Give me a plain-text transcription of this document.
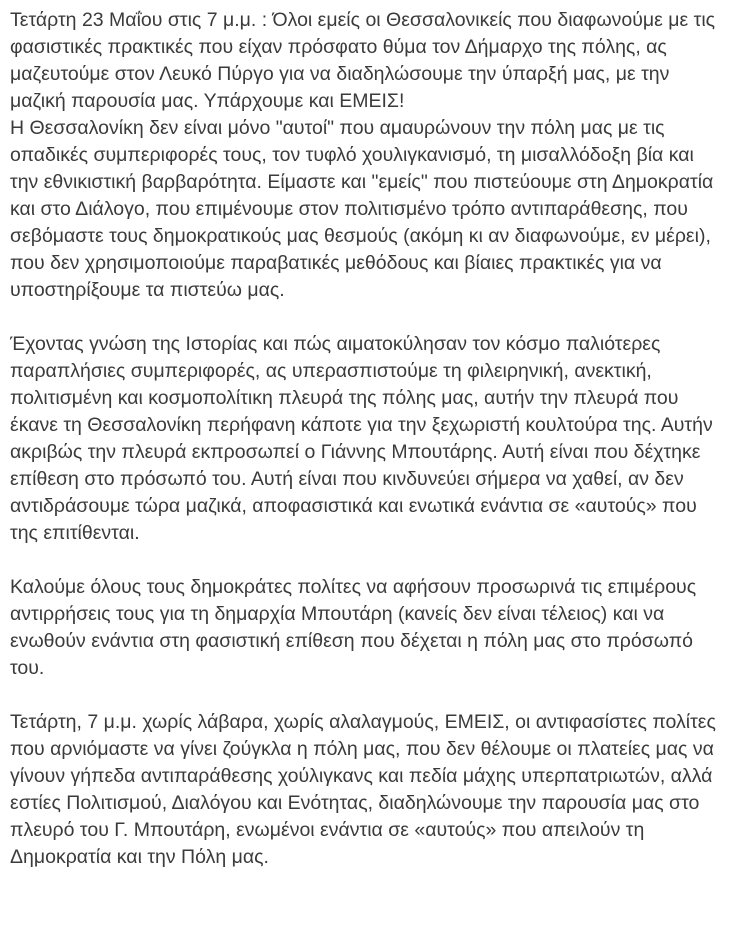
Τετάρτη 23 Μαΐου στις 7 μ.μ. : Όλοι εμείς οι Θεσσαλονικείς που διαφωνούμε με τις φασιστικές πρακτικές που είχαν πρόσφατο θύμα τον Δήμαρχο της πόλης, ας μαζευτούμε στον Λευκό Πύργο για να διαδηλώσουμε την ύπαρξή μας, με την μαζική παρουσία μας. Υπάρχουμε και ΕΜΕΙΣ!

Η Θεσσαλονίκη δεν είναι μόνο "αυτοί" που αμαυρώνουν την πόλη μας με τις οπαδικές συμπεριφορές τους, τον τυφλό χουλιγκανισμό, τη μισαλλόδοξη βία και την εθνικιστική βαρβαρότητα. Είμαστε και "εμείς" που πιστεύουμε στη Δημοκρατία και στο Διάλογο, που επιμένουμε στον πολιτισμένο τρόπο αντιπαράθεσης, που σεβόμαστε τους δημοκρατικούς μας θεσμούς (ακόμη κι αν διαφωνούμε, εν μέρει), που δεν χρησιμοποιούμε παραβατικές μεθόδους και βίαιες πρακτικές για να υποστηρίξουμε τα πιστεύω μας.

Έχοντας γνώση της Ιστορίας και πώς αιματοκύλησαν τον κόσμο παλιότερες παραπλήσιες συμπεριφορές, ας υπερασπιστούμε τη φιλειρηνική, ανεκτική, πολιτισμένη και κοσμοπολίτικη πλευρά της πόλης μας, αυτήν την πλευρά που έκανε τη Θεσσαλονίκη περήφανη κάποτε για την ξεχωριστή κουλτούρα της. Αυτήν ακριβώς την πλευρά εκπροσωπεί ο Γιάννης Μπουτάρης. Αυτή είναι που δέχτηκε επίθεση στο πρόσωπό του. Αυτή είναι που κινδυνεύει σήμερα να χαθεί, αν δεν αντιδράσουμε τώρα μαζικά, αποφασιστικά και ενωτικά ενάντια σε «αυτούς» που της επιτίθενται.

Καλούμε όλους τους δημοκράτες πολίτες να αφήσουν προσωρινά τις επιμέρους αντιρρήσεις τους για τη δημαρχία Μπουτάρη (κανείς δεν είναι τέλειος) και να ενωθούν ενάντια στη φασιστική επίθεση που δέχεται η πόλη μας στο πρόσωπό του.

Τετάρτη, 7 μ.μ. χωρίς λάβαρα, χωρίς αλαλαγμούς, ΕΜΕΙΣ, οι αντιφασίστες πολίτες που αρνιόμαστε να γίνει ζούγκλα η πόλη μας, που δεν θέλουμε οι πλατείες μας να γίνουν γήπεδα αντιπαράθεσης χούλιγκανς και πεδία μάχης υπερπατριωτών, αλλά εστίες Πολιτισμού, Διαλόγου και Ενότητας, διαδηλώνουμε την παρουσία μας στο πλευρό του Γ. Μπουτάρη, ενωμένοι ενάντια σε «αυτούς» που απειλούν τη Δημοκρατία και την Πόλη μας.
